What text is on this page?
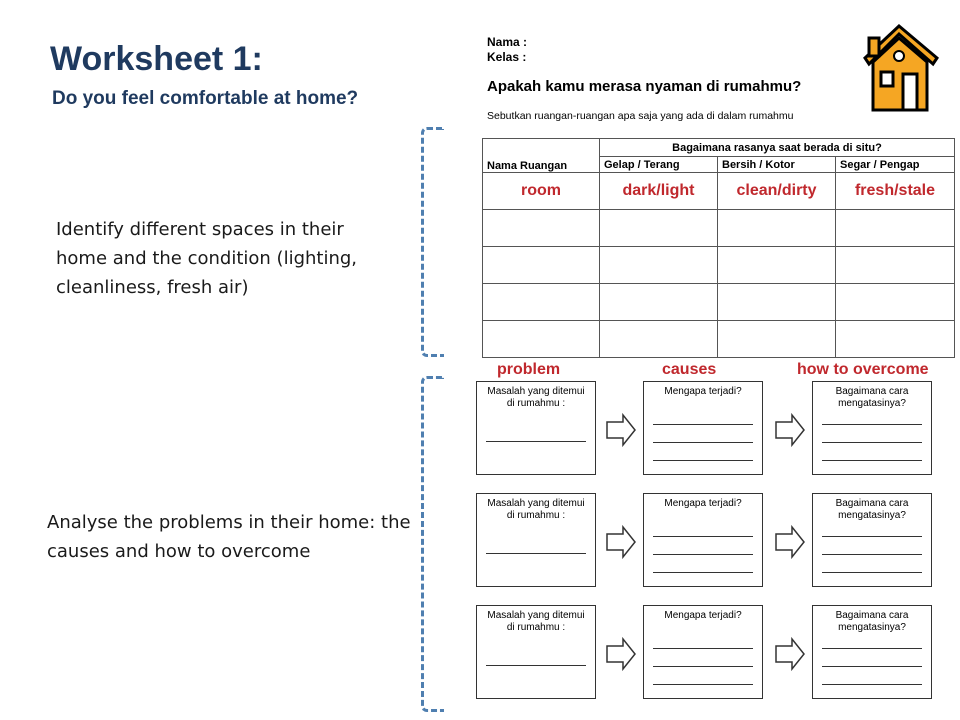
Worksheet 1:
Do you feel comfortable at home?
Identify different spaces in their home and the condition (lighting, cleanliness, fresh air)
Analyse the problems in their home: the causes and how to overcome
Nama :
Kelas :
Apakah kamu merasa nyaman di rumahmu?
Sebutkan ruangan-ruangan apa saja yang ada di dalam rumahmu
Nama Ruangan	Bagaimana rasanya saat berada di situ?		
	Gelap / Terang	Bersih / Kotor	Segar / Pengap
room	dark/light	clean/dirty	fresh/stale

problem	causes	how to overcome
Masalah yang ditemui di rumahmu :
Mengapa terjadi?	Bagaimana cara mengatasinya?
Masalah yang ditemui di rumahmu :
Mengapa terjadi?	Bagaimana cara mengatasinya?
Masalah yang ditemui di rumahmu :
Mengapa terjadi?	Bagaimana cara mengatasinya?
